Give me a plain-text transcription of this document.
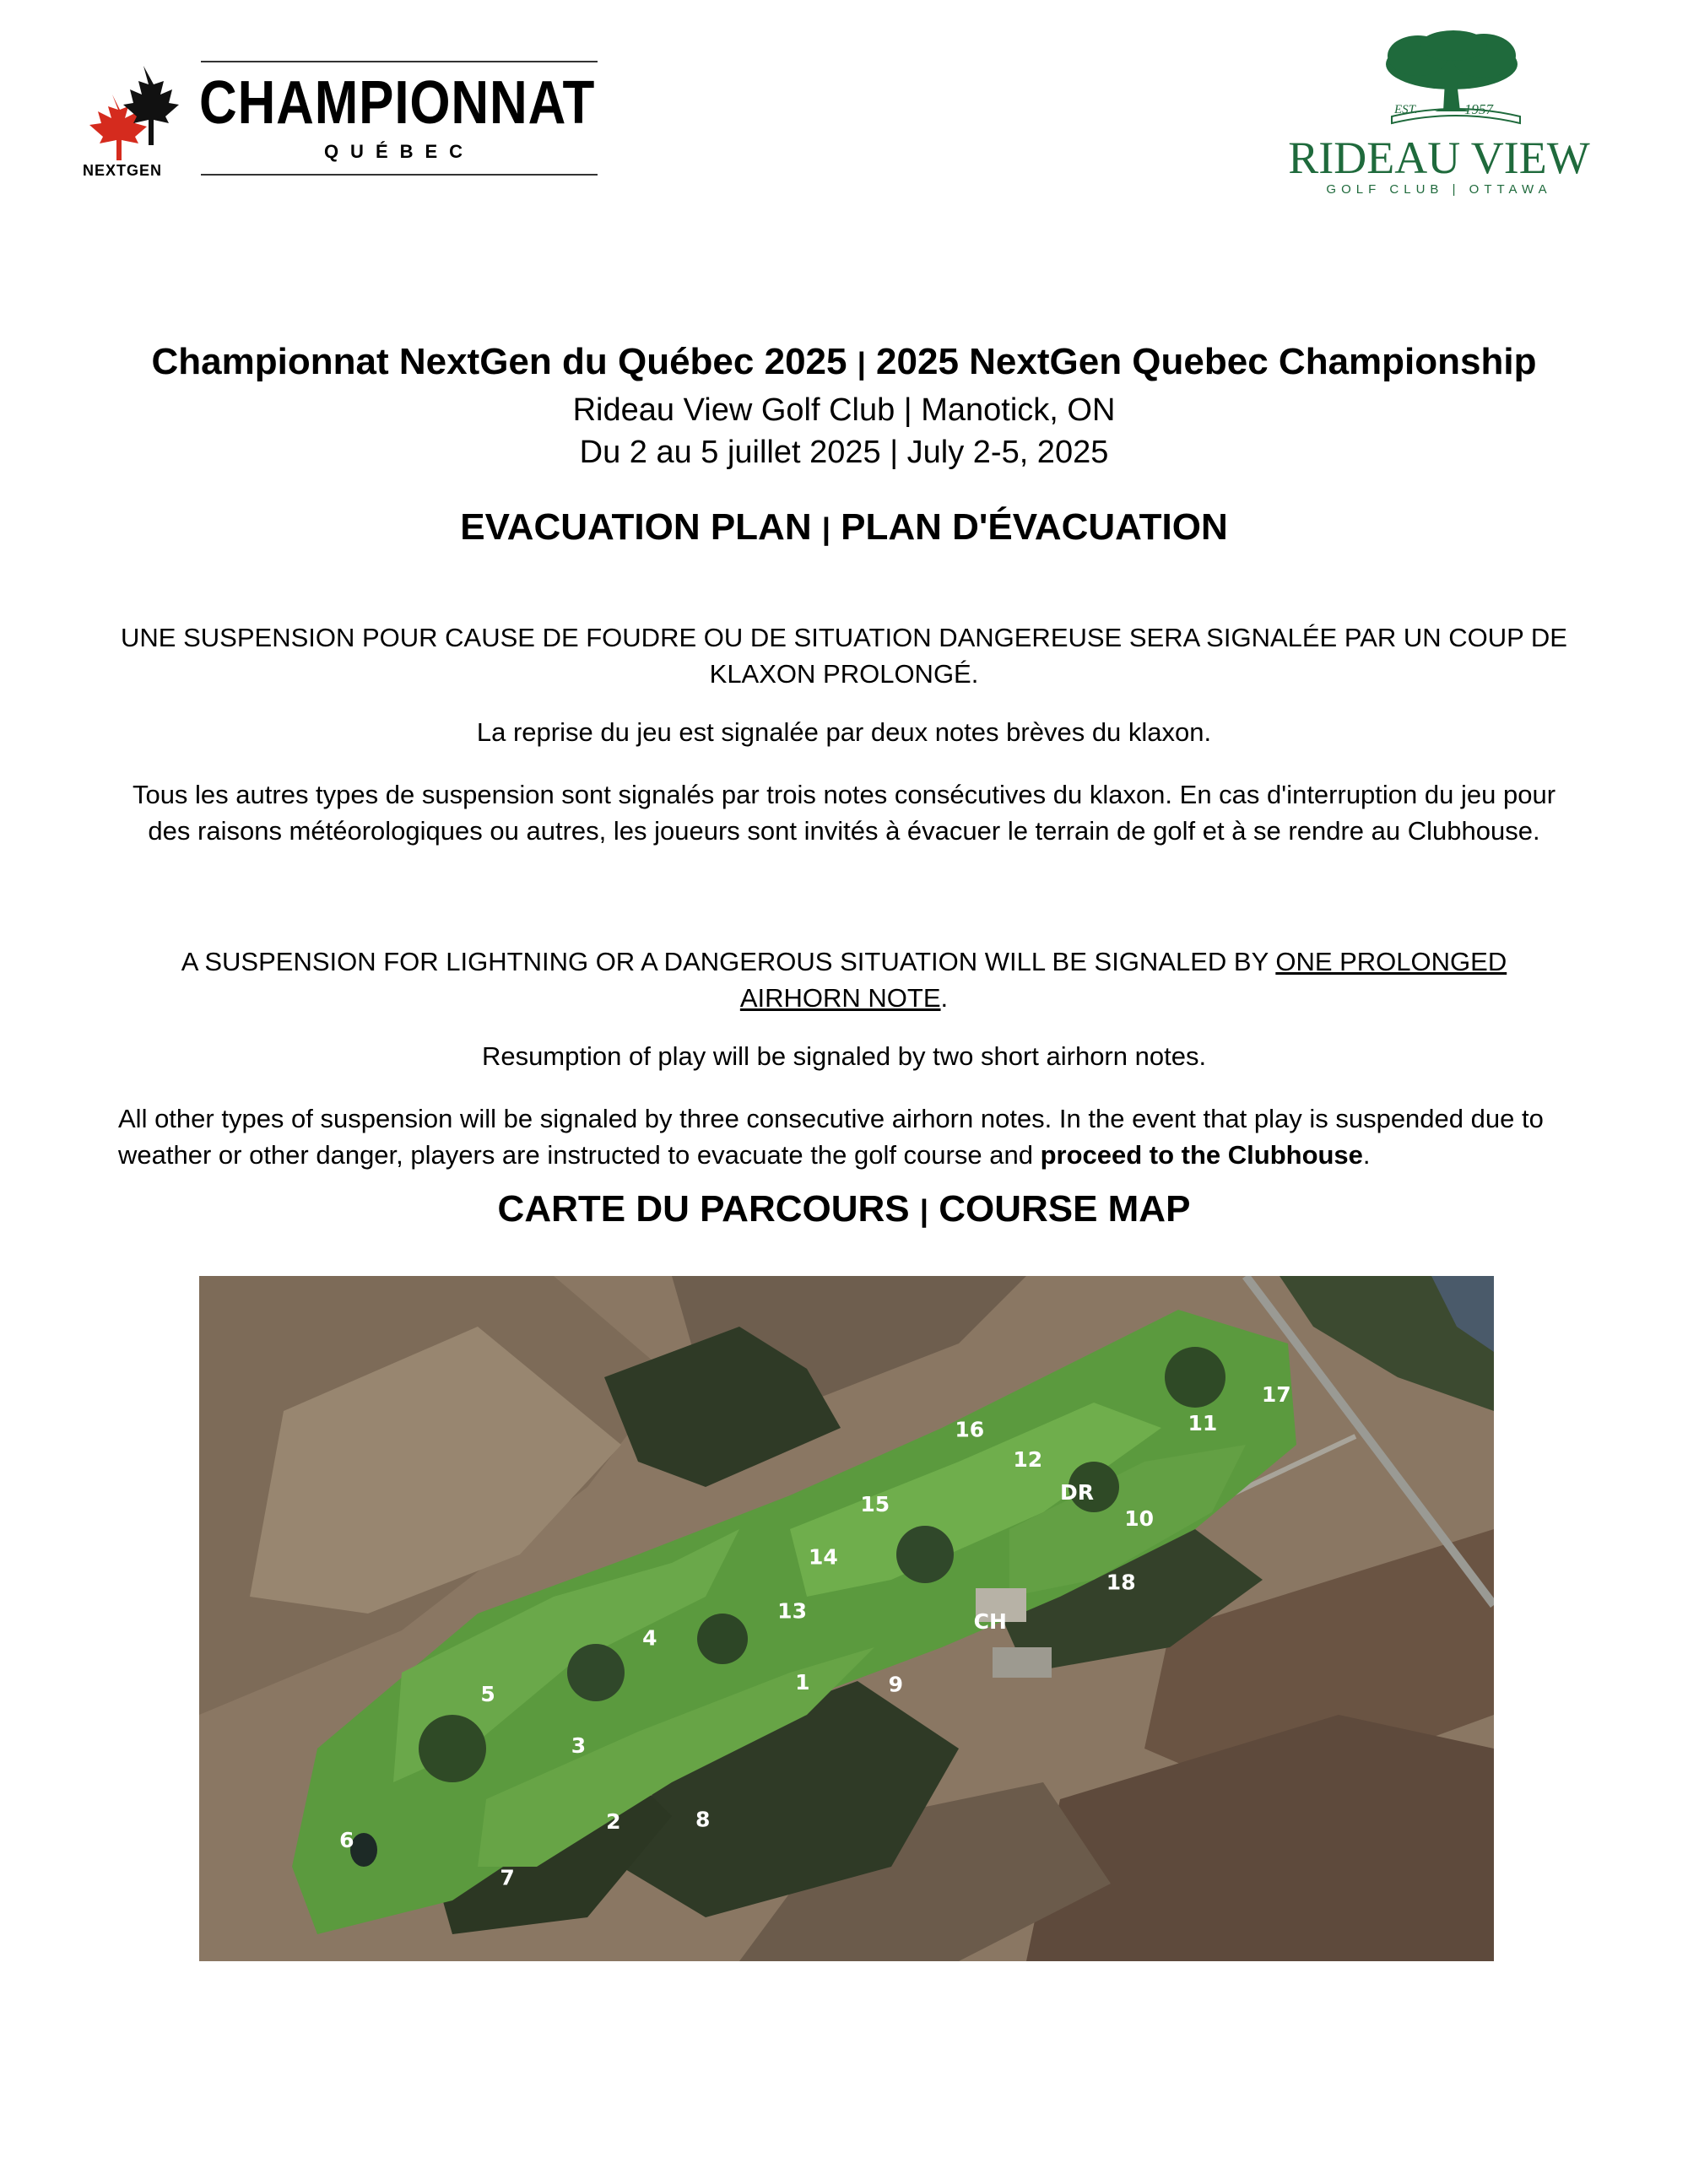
NEXTGEN
CHAMPIONNAT
QUÉBEC
EST.	1957
RIDEAU VIEW
GOLF CLUB | OTTAWA
Championnat NextGen du Québec 2025 | 2025 NextGen Quebec Championship
Rideau View Golf Club | Manotick, ON
Du 2 au 5 juillet 2025 | July 2-5, 2025
EVACUATION PLAN | PLAN D'ÉVACUATION
UNE SUSPENSION POUR CAUSE DE FOUDRE OU DE SITUATION DANGEREUSE SERA SIGNALÉE PAR UN COUP DE KLAXON PROLONGÉ.
La reprise du jeu est signalée par deux notes brèves du klaxon.
Tous les autres types de suspension sont signalés par trois notes consécutives du klaxon. En cas d'interruption du jeu pour des raisons météorologiques ou autres, les joueurs sont invités à évacuer le terrain de golf et à se rendre au Clubhouse.
A SUSPENSION FOR LIGHTNING OR A DANGEROUS SITUATION WILL BE SIGNALED BY ONE PROLONGED AIRHORN NOTE.
Resumption of play will be signaled by two short airhorn notes.
All other types of suspension will be signaled by three consecutive airhorn notes. In the event that play is suspended due to weather or other danger, players are instructed to evacuate the golf course and proceed to the Clubhouse.
CARTE DU PARCOURS | COURSE MAP
1
2
3
4
5
6
7
8
9
10
11
12
13
14
15
16
17
18
DR
CH
